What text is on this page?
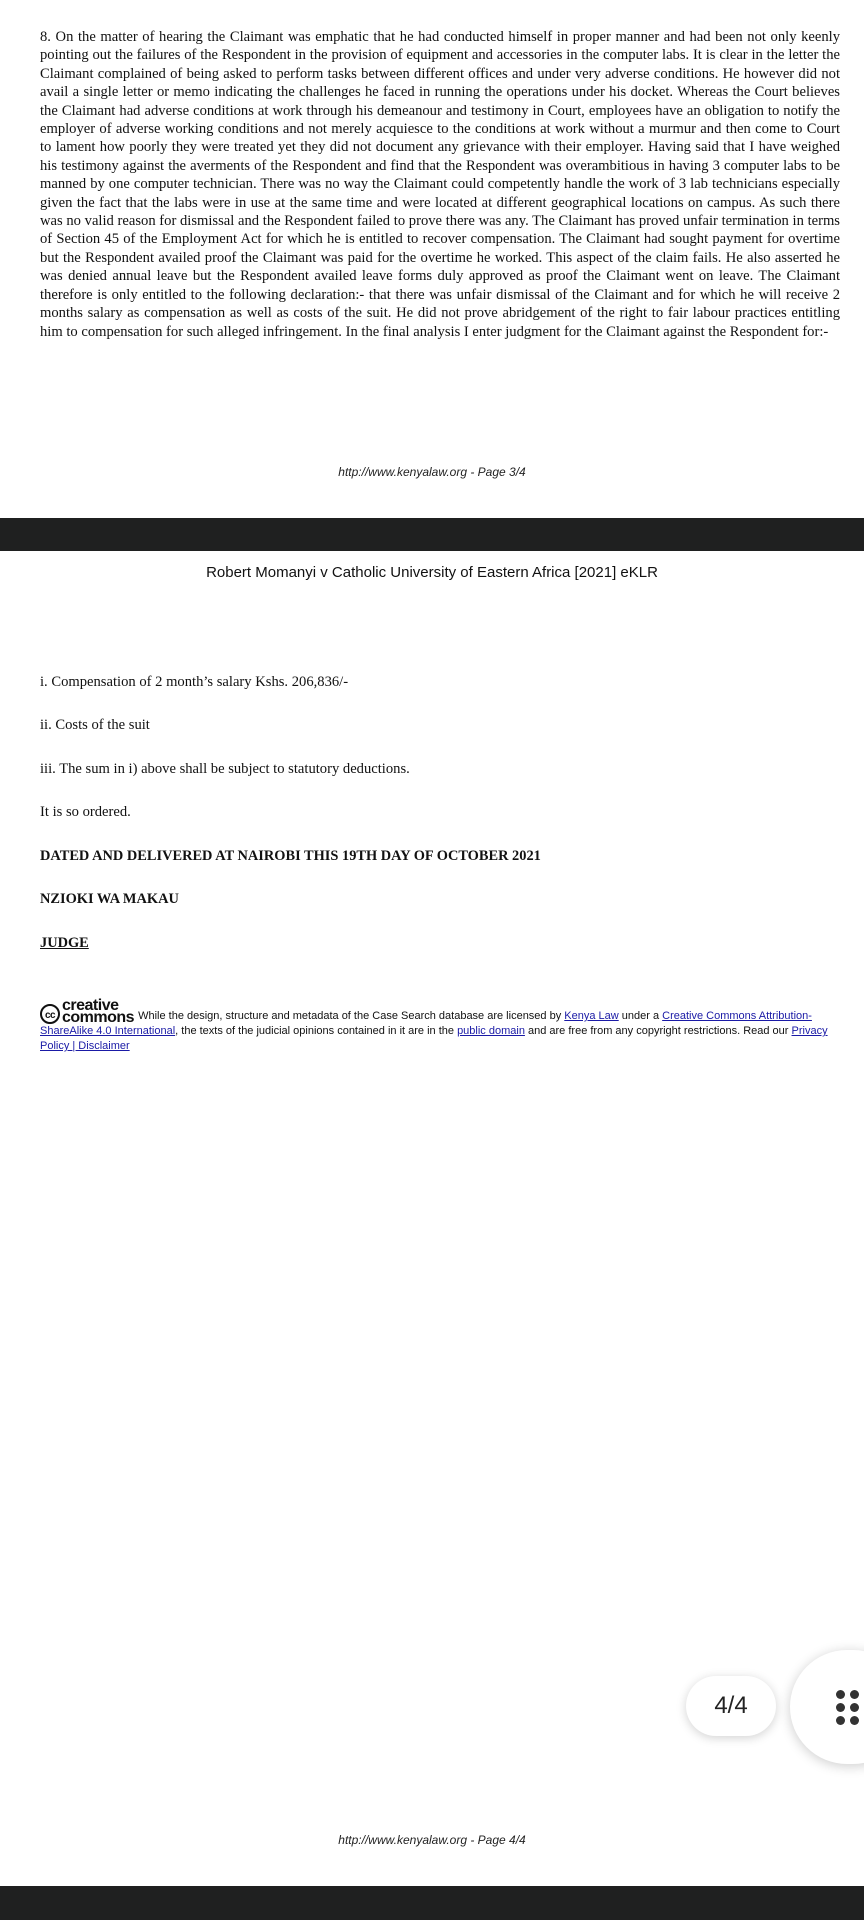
8. On the matter of hearing the Claimant was emphatic that he had conducted himself in proper manner and had been not only keenly pointing out the failures of the Respondent in the provision of equipment and accessories in the computer labs. It is clear in the letter the Claimant complained of being asked to perform tasks between different offices and under very adverse conditions. He however did not avail a single letter or memo indicating the challenges he faced in running the operations under his docket. Whereas the Court believes the Claimant had adverse conditions at work through his demeanour and testimony in Court, employees have an obligation to notify the employer of adverse working conditions and not merely acquiesce to the conditions at work without a murmur and then come to Court to lament how poorly they were treated yet they did not document any grievance with their employer. Having said that I have weighed his testimony against the averments of the Respondent and find that the Respondent was overambitious in having 3 computer labs to be manned by one computer technician. There was no way the Claimant could competently handle the work of 3 lab technicians especially given the fact that the labs were in use at the same time and were located at different geographical locations on campus. As such there was no valid reason for dismissal and the Respondent failed to prove there was any. The Claimant has proved unfair termination in terms of Section 45 of the Employment Act for which he is entitled to recover compensation. The Claimant had sought payment for overtime but the Respondent availed proof the Claimant was paid for the overtime he worked. This aspect of the claim fails. He also asserted he was denied annual leave but the Respondent availed leave forms duly approved as proof the Claimant went on leave. The Claimant therefore is only entitled to the following declaration:- that there was unfair dismissal of the Claimant and for which he will receive 2 months salary as compensation as well as costs of the suit. He did not prove abridgement of the right to fair labour practices entitling him to compensation for such alleged infringement. In the final analysis I enter judgment for the Claimant against the Respondent for:-

http://www.kenyalaw.org - Page 3/4
Robert Momanyi v Catholic University of Eastern Africa [2021] eKLR
i. Compensation of 2 month’s salary Kshs. 206,836/-
ii. Costs of the suit
iii. The sum in i) above shall be subject to statutory deductions.
It is so ordered.
DATED AND DELIVERED AT NAIROBI THIS 19TH DAY OF OCTOBER 2021
NZIOKI WA MAKAU
JUDGE
cc
creative
commons While the design, structure and metadata of the Case Search database are licensed by Kenya Law under a Creative Commons Attribution-ShareAlike 4.0 International, the texts of the judicial opinions contained in it are in the public domain and are free from any copyright restrictions. Read our Privacy Policy | Disclaimer
4/4
http://www.kenyalaw.org - Page 4/4
